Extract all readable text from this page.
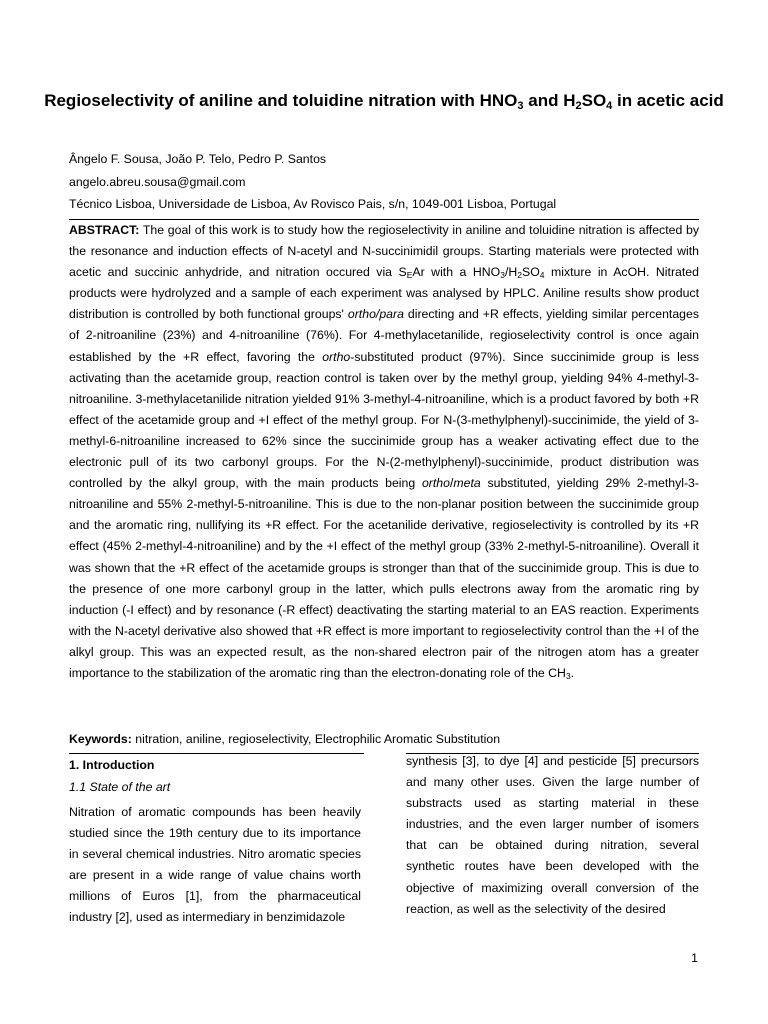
Regioselectivity of aniline and toluidine nitration with $HNO_3$ and $H_2SO_4$ in acetic acid
Ângelo F. Sousa, João P. Telo, Pedro P. Santos
angelo.abreu.sousa@gmail.com
Técnico Lisboa, Universidade de Lisboa, Av Rovisco Pais, s/n, 1049-001 Lisboa, Portugal

ABSTRACT: The goal of this work is to study how the regioselectivity in aniline and toluidine nitration is affected by the resonance and induction effects of N-acetyl and N-succinimidil groups. Starting materials were protected with acetic and succinic anhydride, and nitration occured via $S_EAr$ with a $HNO_3/H_2SO_4$ mixture in AcOH. Nitrated products were hydrolyzed and a sample of each experiment was analysed by HPLC. Aniline results show product distribution is controlled by both functional groups' ortho/para directing and +R effects, yielding similar percentages of 2-nitroaniline (23%) and 4-nitroaniline (76%). For 4-methylacetanilide, regioselectivity control is once again established by the +R effect, favoring the ortho-substituted product (97%). Since succinimide group is less activating than the acetamide group, reaction control is taken over by the methyl group, yielding 94% 4-methyl-3-nitroaniline. 3-methylacetanilide nitration yielded 91% 3-methyl-4-nitroaniline, which is a product favored by both +R effect of the acetamide group and +I effect of the methyl group. For N-(3-methylphenyl)-succinimide, the yield of 3-methyl-6-nitroaniline increased to 62% since the succinimide group has a weaker activating effect due to the electronic pull of its two carbonyl groups. For the N-(2-methylphenyl)-succinimide, product distribution was controlled by the alkyl group, with the main products being ortho/meta substituted, yielding 29% 2-methyl-3-nitroaniline and 55% 2-methyl-5-nitroaniline. This is due to the non-planar position between the succinimide group and the aromatic ring, nullifying its +R effect. For the acetanilide derivative, regioselectivity is controlled by its +R effect (45% 2-methyl-4-nitroaniline) and by the +I effect of the methyl group (33% 2-methyl-5-nitroaniline). Overall it was shown that the +R effect of the acetamide groups is stronger than that of the succinimide group. This is due to the presence of one more carbonyl group in the latter, which pulls electrons away from the aromatic ring by induction (-I effect) and by resonance (-R effect) deactivating the starting material to an EAS reaction. Experiments with the N-acetyl derivative also showed that +R effect is more important to regioselectivity control than the +I of the alkyl group. This was an expected result, as the non-shared electron pair of the nitrogen atom has a greater importance to the stabilization of the aromatic ring than the electron-donating role of the $CH_3$.

Keywords: nitration, aniline, regioselectivity, Electrophilic Aromatic Substitution

1. Introduction

1.1 State of the art

Nitration of aromatic compounds has been heavily studied since the 19th century due to its importance in several chemical industries. Nitro aromatic species are present in a wide range of value chains worth millions of Euros [1], from the pharmaceutical industry [2], used as intermediary in benzimidazole

synthesis [3], to dye [4] and pesticide [5] precursors and many other uses. Given the large number of substracts used as starting material in these industries, and the even larger number of isomers that can be obtained during nitration, several synthetic routes have been developed with the objective of maximizing overall conversion of the reaction, as well as the selectivity of the desired

1
